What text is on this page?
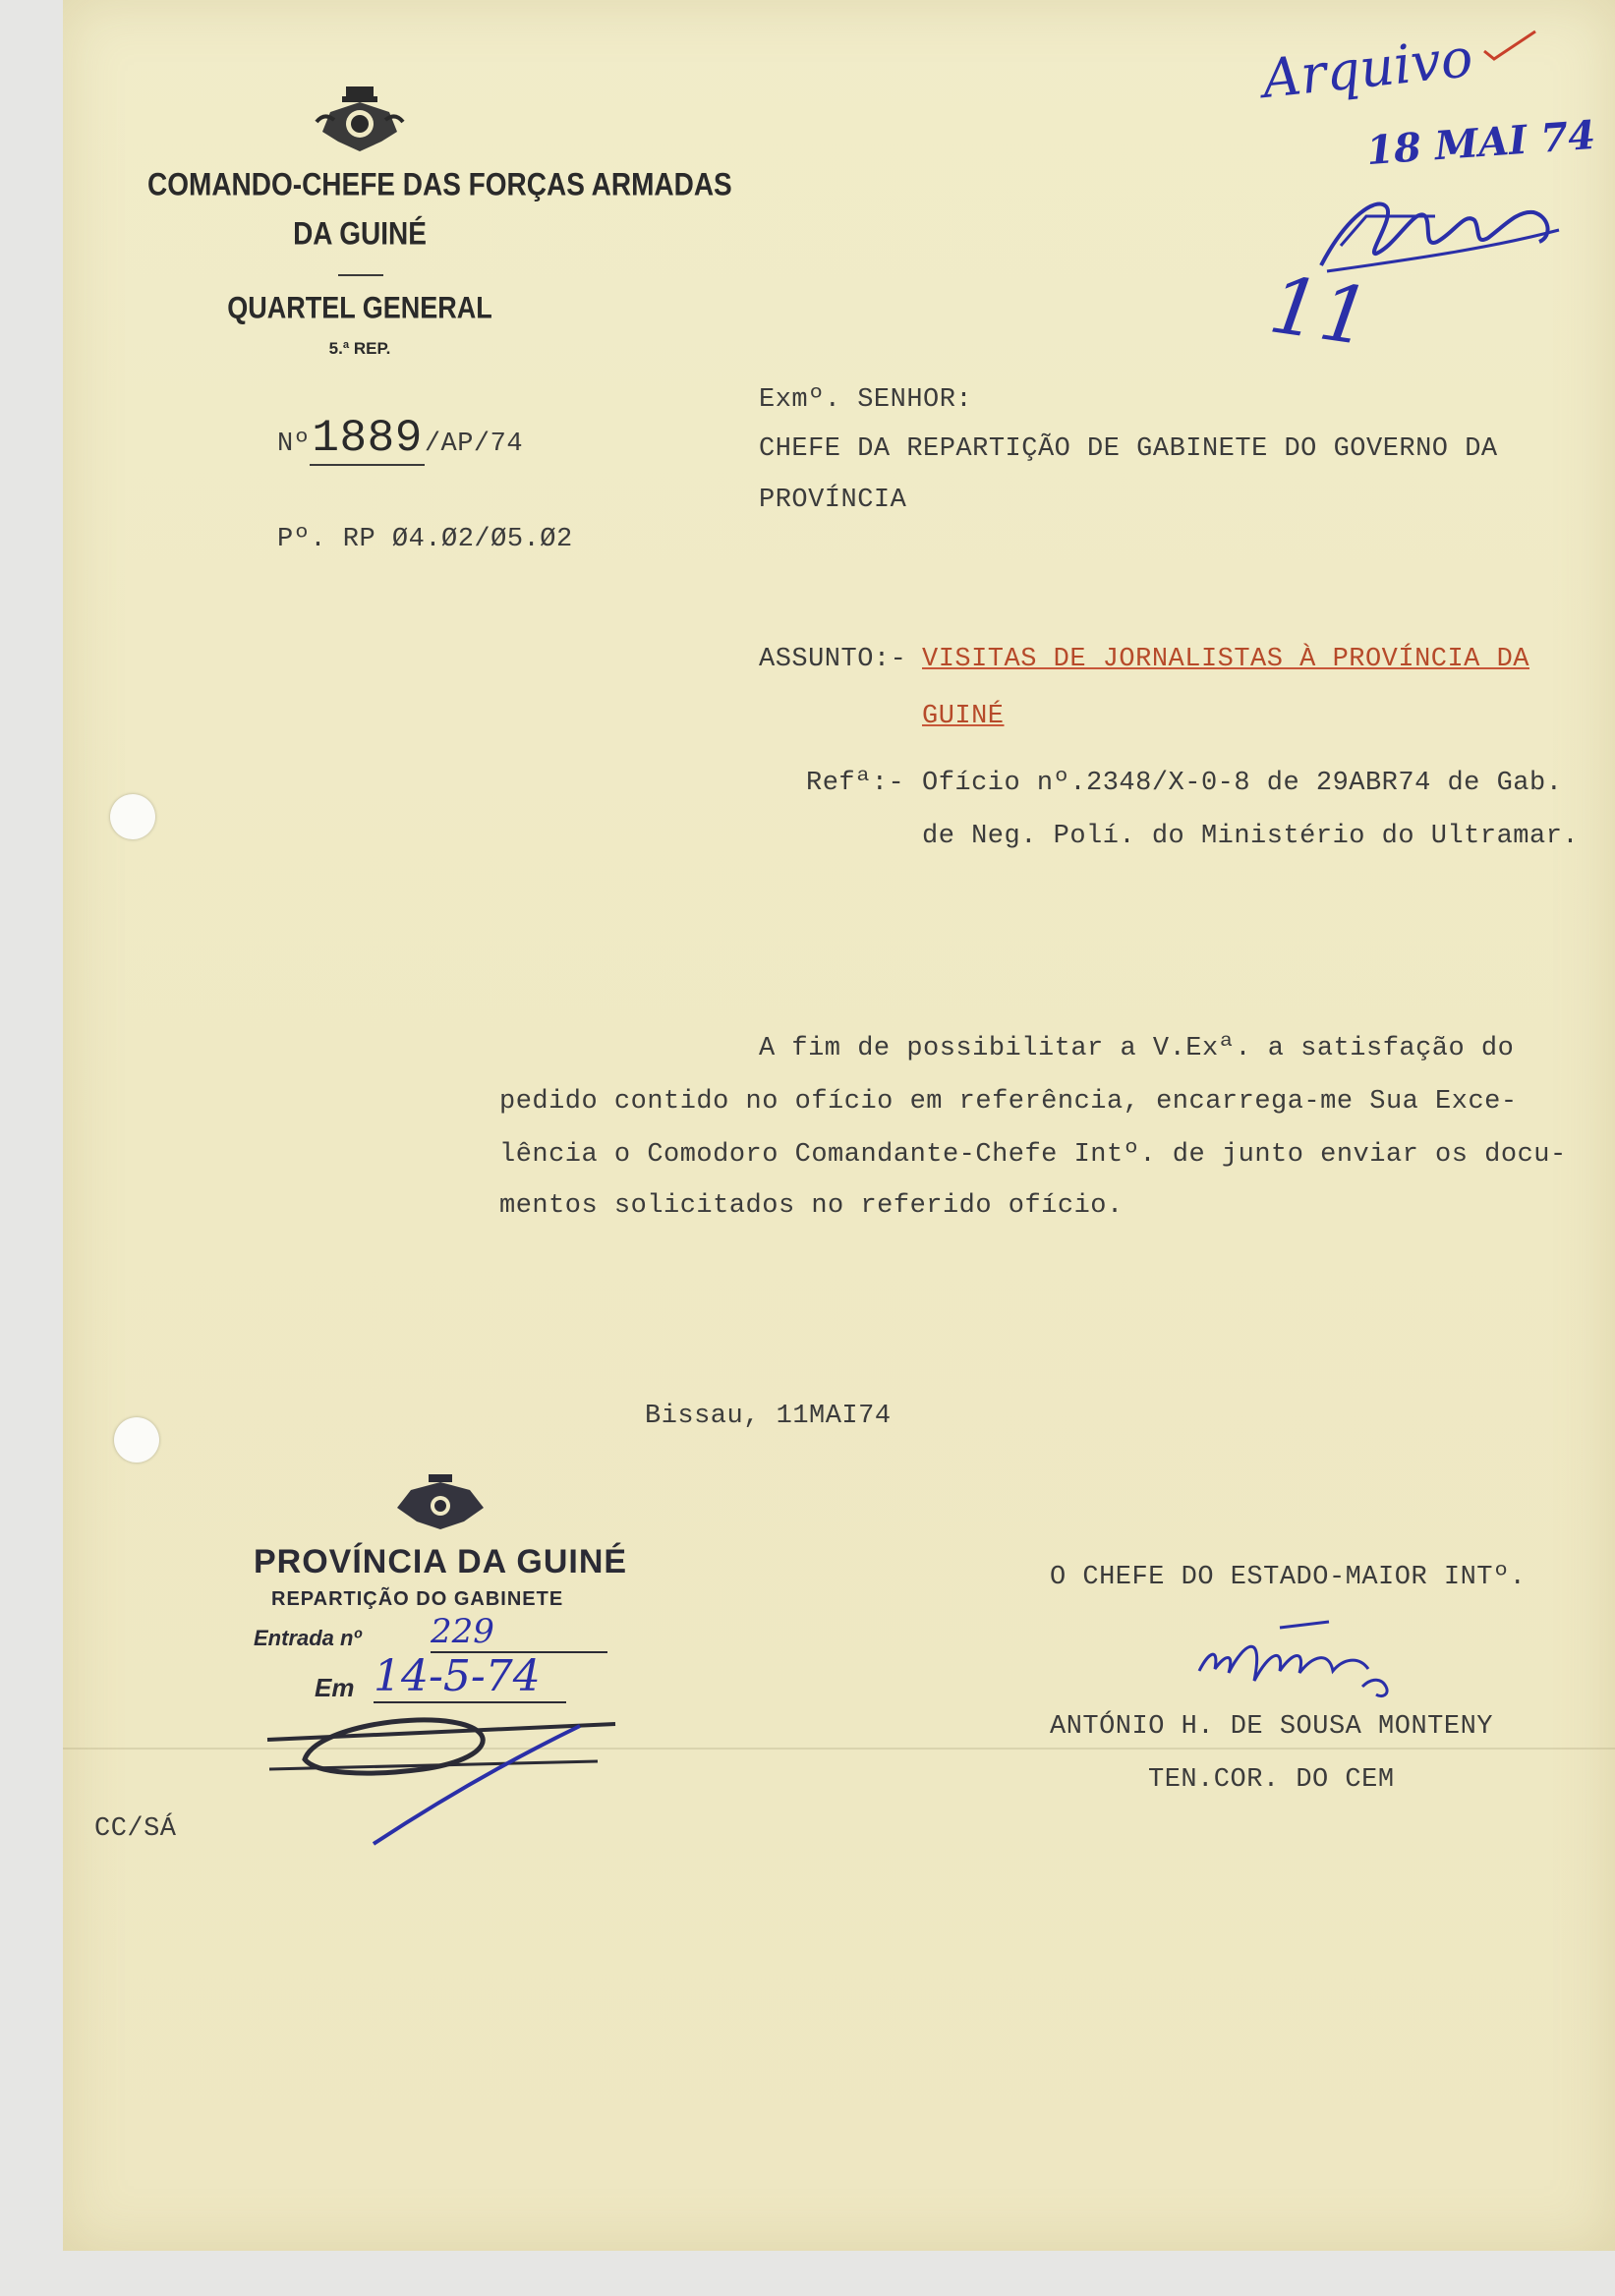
COMANDO-CHEFE DAS FORÇAS ARMADAS
DA GUINÉ
QUARTEL GENERAL
5.ª REP.
Nº1889/AP/74
Pº. RP Ø4.Ø2/Ø5.Ø2
Arquivo
18 MAI 74
11
Exmº. SENHOR:
CHEFE DA REPARTIÇÃO DE GABINETE DO GOVERNO DA
PROVÍNCIA
ASSUNTO:- VISITAS DE JORNALISTAS À PROVÍNCIA DA
GUINÉ
Refª:- Ofício nº.2348/X-0-8 de 29ABR74 de Gab.
de Neg. Polí. do Ministério do Ultramar.
A fim de possibilitar a V.Exª. a satisfação do
pedido contido no ofício em referência, encarrega-me Sua Exce-
lência o Comodoro Comandante-Chefe Intº. de junto enviar os docu-
mentos solicitados no referido ofício.
Bissau, 11MAI74
PROVÍNCIA DA GUINÉ
REPARTIÇÃO DO GABINETE
Entrada nº 229
Em 14-5-74
CC/SÁ
O CHEFE DO ESTADO-MAIOR INTº.
ANTÓNIO H. DE SOUSA MONTENY
TEN.COR. DO CEM
